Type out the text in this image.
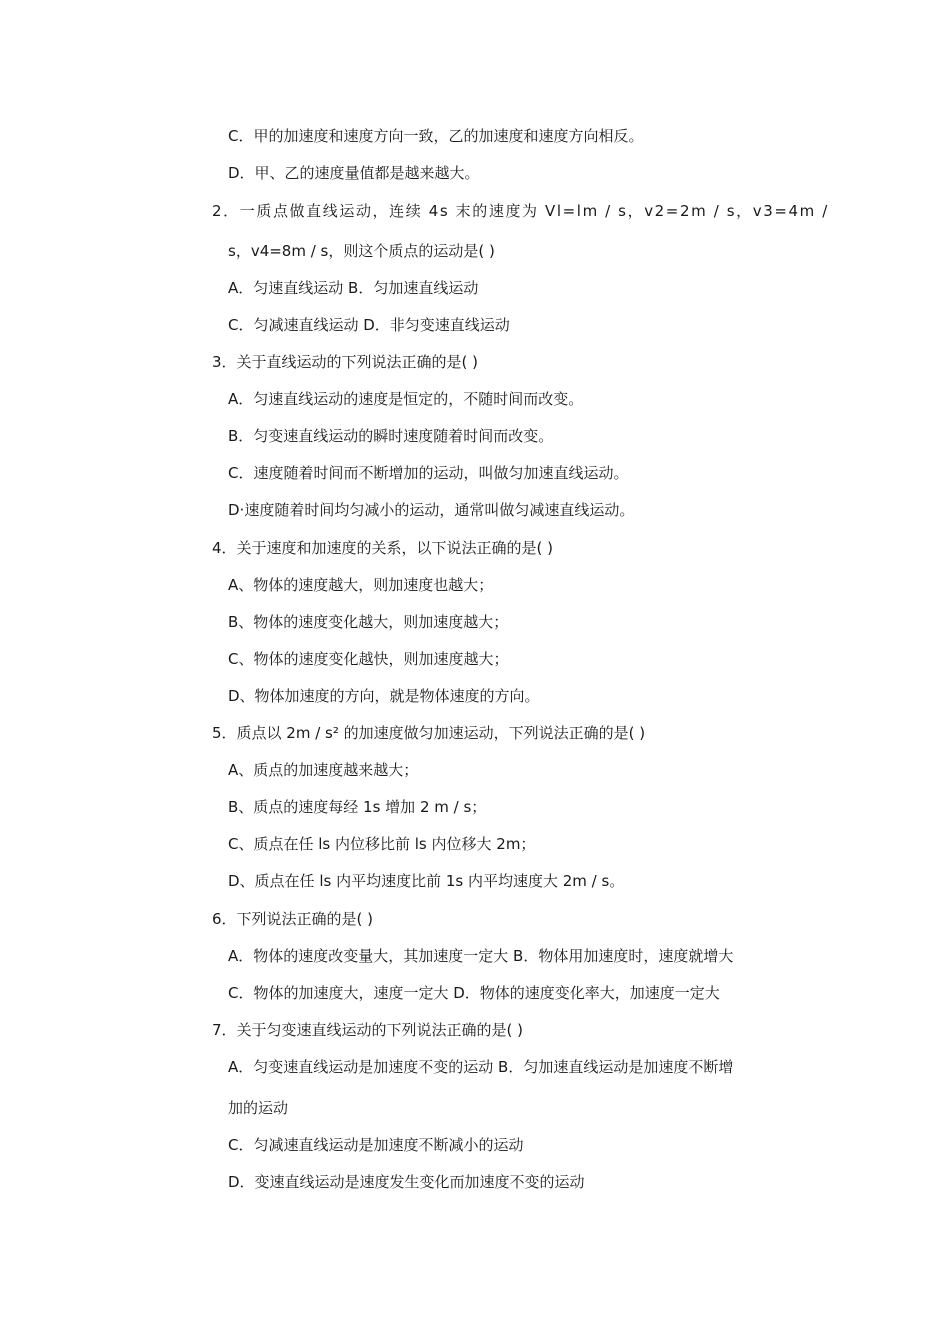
C．甲的加速度和速度方向一致，乙的加速度和速度方向相反。
D．甲、乙的速度量值都是越来越大。
2．一质点做直线运动，连续 4s 末的速度为 Vl=lm / s，v2=2m / s，v3=4m /
s，v4=8m / s，则这个质点的运动是( )
A．匀速直线运动 B．匀加速直线运动
C．匀减速直线运动 D．非匀变速直线运动
3．关于直线运动的下列说法正确的是( )
A．匀速直线运动的速度是恒定的，不随时间而改变。
B．匀变速直线运动的瞬时速度随着时间而改变。
C．速度随着时间而不断增加的运动，叫做匀加速直线运动。
D·速度随着时间均匀减小的运动，通常叫做匀减速直线运动。
4．关于速度和加速度的关系，以下说法正确的是( )
A、物体的速度越大，则加速度也越大；
B、物体的速度变化越大，则加速度越大；
C、物体的速度变化越快，则加速度越大；
D、物体加速度的方向，就是物体速度的方向。
5．质点以 2m / s² 的加速度做匀加速运动，下列说法正确的是( )
A、质点的加速度越来越大；
B、质点的速度每经 1s 增加 2 m / s；
C、质点在任 ls 内位移比前 ls 内位移大 2m；
D、质点在任 ls 内平均速度比前 1s 内平均速度大 2m / s。
6．下列说法正确的是( )
A．物体的速度改变量大，其加速度一定大 B．物体用加速度时，速度就增大
C．物体的加速度大，速度一定大 D．物体的速度变化率大，加速度一定大
7．关于匀变速直线运动的下列说法正确的是( )
A．匀变速直线运动是加速度不变的运动 B．匀加速直线运动是加速度不断增
加的运动
C．匀减速直线运动是加速度不断减小的运动
D．变速直线运动是速度发生变化而加速度不变的运动
